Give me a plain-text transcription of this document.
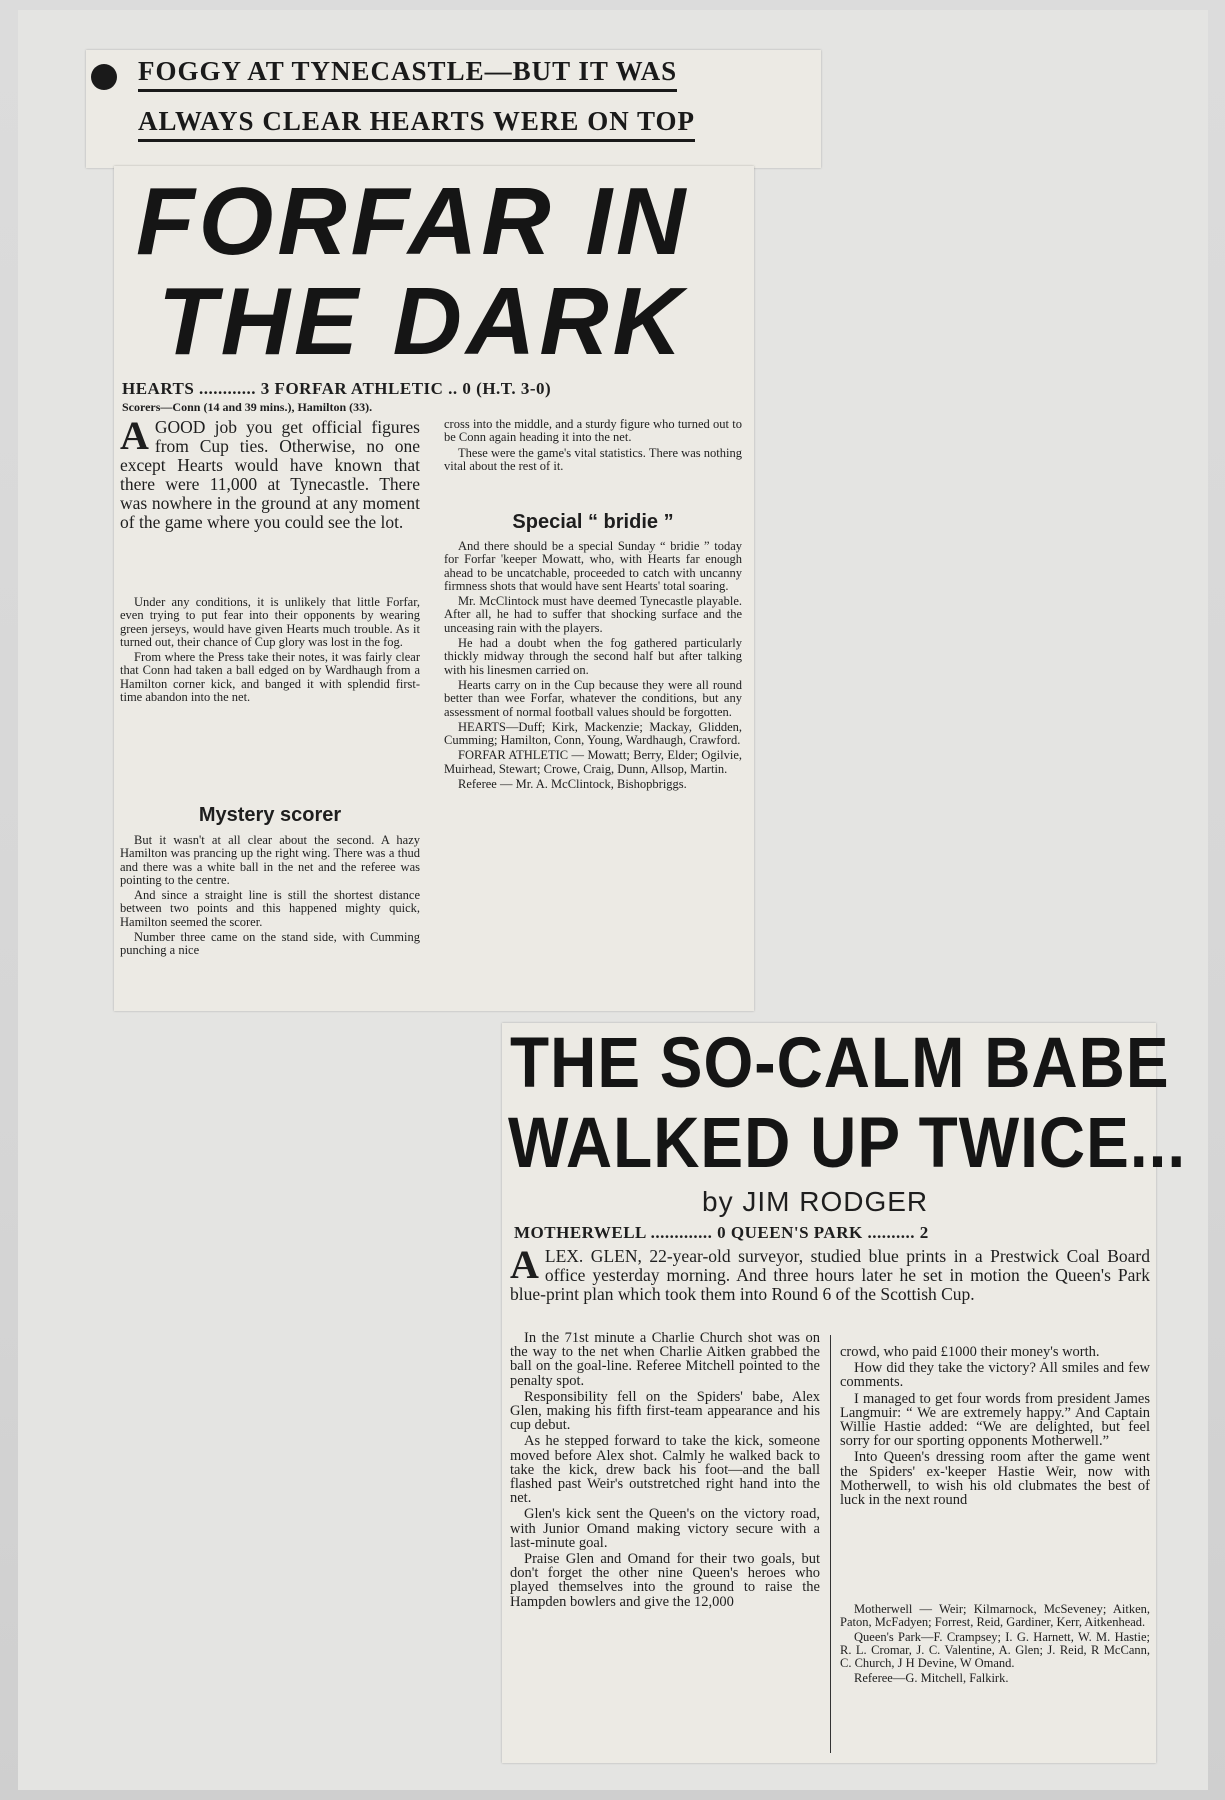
FOGGY AT TYNECASTLE—BUT IT WAS
ALWAYS CLEAR HEARTS WERE ON TOP
FORFAR IN
THE DARK
HEARTS ............ 3 FORFAR ATHLETIC .. 0 (H.T. 3-0)
Scorers—Conn (14 and 39 mins.), Hamilton (33).
AGOOD job you get official figures from Cup ties. Otherwise, no one except Hearts would have known that there were 11,000 at Tynecastle. There was nowhere in the ground at any moment of the game where you could see the lot.
Under any conditions, it is unlikely that little Forfar, even trying to put fear into their opponents by wearing green jerseys, would have given Hearts much trouble. As it turned out, their chance of Cup glory was lost in the fog.
From where the Press take their notes, it was fairly clear that Conn had taken a ball edged on by Wardhaugh from a Hamilton corner kick, and banged it with splendid first-time abandon into the net.
Mystery scorer
But it wasn't at all clear about the second. A hazy Hamilton was prancing up the right wing. There was a thud and there was a white ball in the net and the referee was pointing to the centre.
And since a straight line is still the shortest distance between two points and this happened mighty quick, Hamilton seemed the scorer.
Number three came on the stand side, with Cumming punching a nice
cross into the middle, and a sturdy figure who turned out to be Conn again heading it into the net.
These were the game's vital statistics. There was nothing vital about the rest of it.
Special “ bridie ”
And there should be a special Sunday “ bridie ” today for Forfar 'keeper Mowatt, who, with Hearts far enough ahead to be uncatchable, proceeded to catch with uncanny firmness shots that would have sent Hearts' total soaring.
Mr. McClintock must have deemed Tynecastle playable. After all, he had to suffer that shocking surface and the unceasing rain with the players.
He had a doubt when the fog gathered particularly thickly midway through the second half but after talking with his linesmen carried on.
Hearts carry on in the Cup because they were all round better than wee Forfar, whatever the conditions, but any assessment of normal football values should be forgotten.
HEARTS—Duff; Kirk, Mackenzie; Mackay, Glidden, Cumming; Hamilton, Conn, Young, Wardhaugh, Crawford.
FORFAR ATHLETIC — Mowatt; Berry, Elder; Ogilvie, Muirhead, Stewart; Crowe, Craig, Dunn, Allsop, Martin.
Referee — Mr. A. McClintock, Bishopbriggs.
THE SO-CALM BABE
WALKED UP TWICE...
by JIM RODGER
MOTHERWELL ............. 0 QUEEN'S PARK .......... 2
ALEX. GLEN, 22-year-old surveyor, studied blue prints in a Prestwick Coal Board office yesterday morning. And three hours later he set in motion the Queen's Park blue-print plan which took them into Round 6 of the Scottish Cup.
In the 71st minute a Charlie Church shot was on the way to the net when Charlie Aitken grabbed the ball on the goal-line. Referee Mitchell pointed to the penalty spot.
Responsibility fell on the Spiders' babe, Alex Glen, making his fifth first-team appearance and his cup debut.
As he stepped forward to take the kick, someone moved before Alex shot. Calmly he walked back to take the kick, drew back his foot—and the ball flashed past Weir's outstretched right hand into the net.
Glen's kick sent the Queen's on the victory road, with Junior Omand making victory secure with a last-minute goal.
Praise Glen and Omand for their two goals, but don't forget the other nine Queen's heroes who played themselves into the ground to raise the Hampden bowlers and give the 12,000
crowd, who paid £1000 their money's worth.
How did they take the victory? All smiles and few comments.
I managed to get four words from president James Langmuir: “ We are extremely happy.” And Captain Willie Hastie added: “We are delighted, but feel sorry for our sporting opponents Motherwell.”
Into Queen's dressing room after the game went the Spiders' ex-'keeper Hastie Weir, now with Motherwell, to wish his old clubmates the best of luck in the next round
Motherwell — Weir; Kilmarnock, McSeveney; Aitken, Paton, McFadyen; Forrest, Reid, Gardiner, Kerr, Aitkenhead.
Queen's Park—F. Crampsey; I. G. Harnett, W. M. Hastie; R. L. Cromar, J. C. Valentine, A. Glen; J. Reid, R McCann, C. Church, J H Devine, W Omand.
Referee—G. Mitchell, Falkirk.
